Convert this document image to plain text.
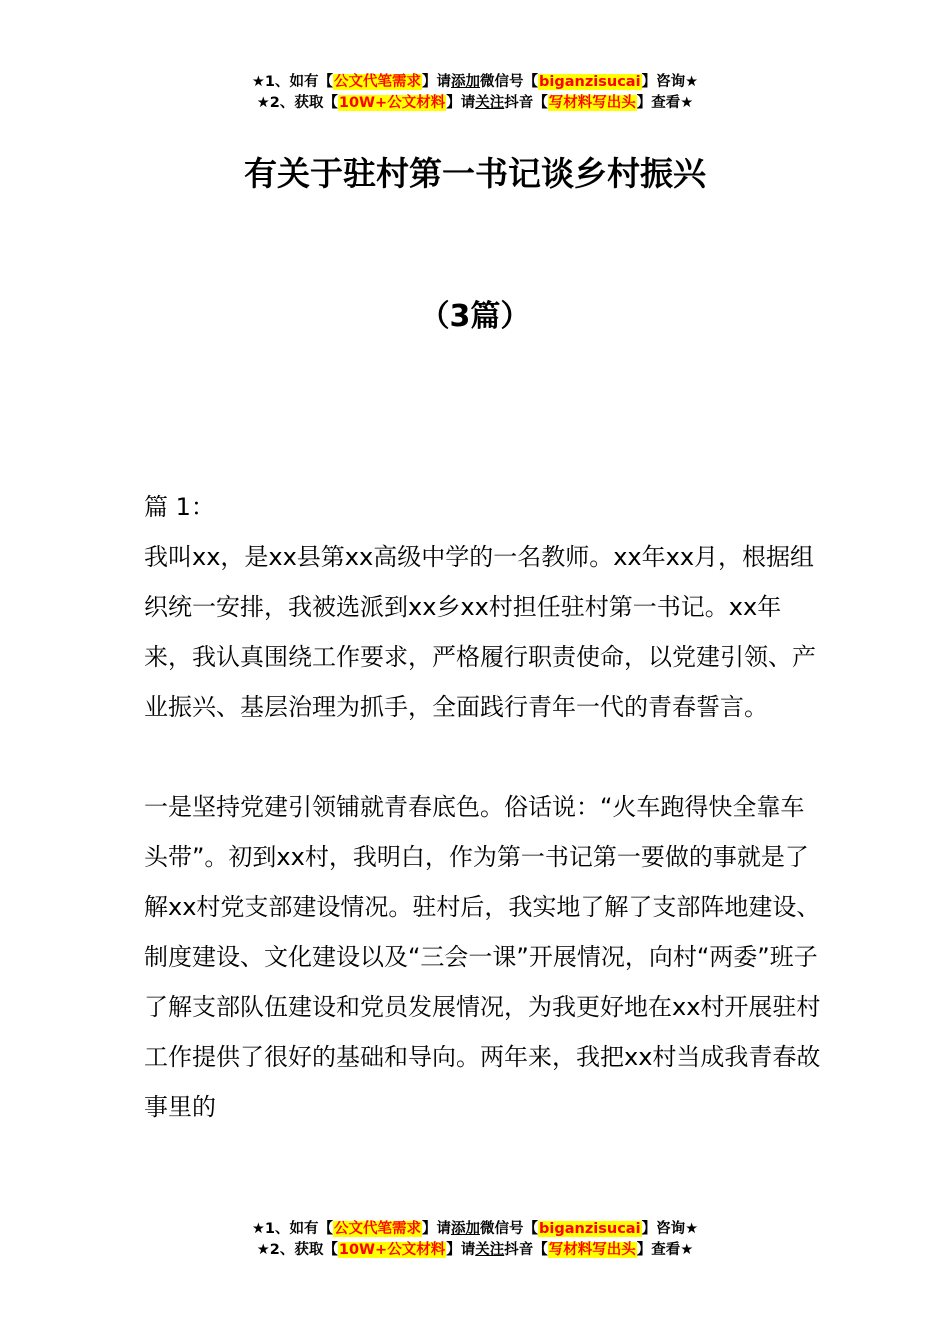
★1、如有【公文代笔需求】请添加微信号【biganzisucai】咨询★
★2、获取【10W+公文材料】请关注抖音【写材料写出头】查看★
有关于驻村第一书记谈乡村振兴
（3篇）

篇 1：

我叫xx，是xx县第xx高级中学的一名教师。xx年xx月，根据组织统一安排，我被选派到xx乡xx村担任驻村第一书记。xx年来，我认真围绕工作要求，严格履行职责使命，以党建引领、产业振兴、基层治理为抓手，全面践行青年一代的青春誓言。

一是坚持党建引领铺就青春底色。俗话说：“火车跑得快全靠车头带”。初到xx村，我明白，作为第一书记第一要做的事就是了解xx村党支部建设情况。驻村后，我实地了解了支部阵地建设、制度建设、文化建设以及“三会一课”开展情况，向村“两委”班子了解支部队伍建设和党员发展情况，为我更好地在xx村开展驻村工作提供了很好的基础和导向。两年来，我把xx村当成我青春故事里的

★1、如有【公文代笔需求】请添加微信号【biganzisucai】咨询★
★2、获取【10W+公文材料】请关注抖音【写材料写出头】查看★
